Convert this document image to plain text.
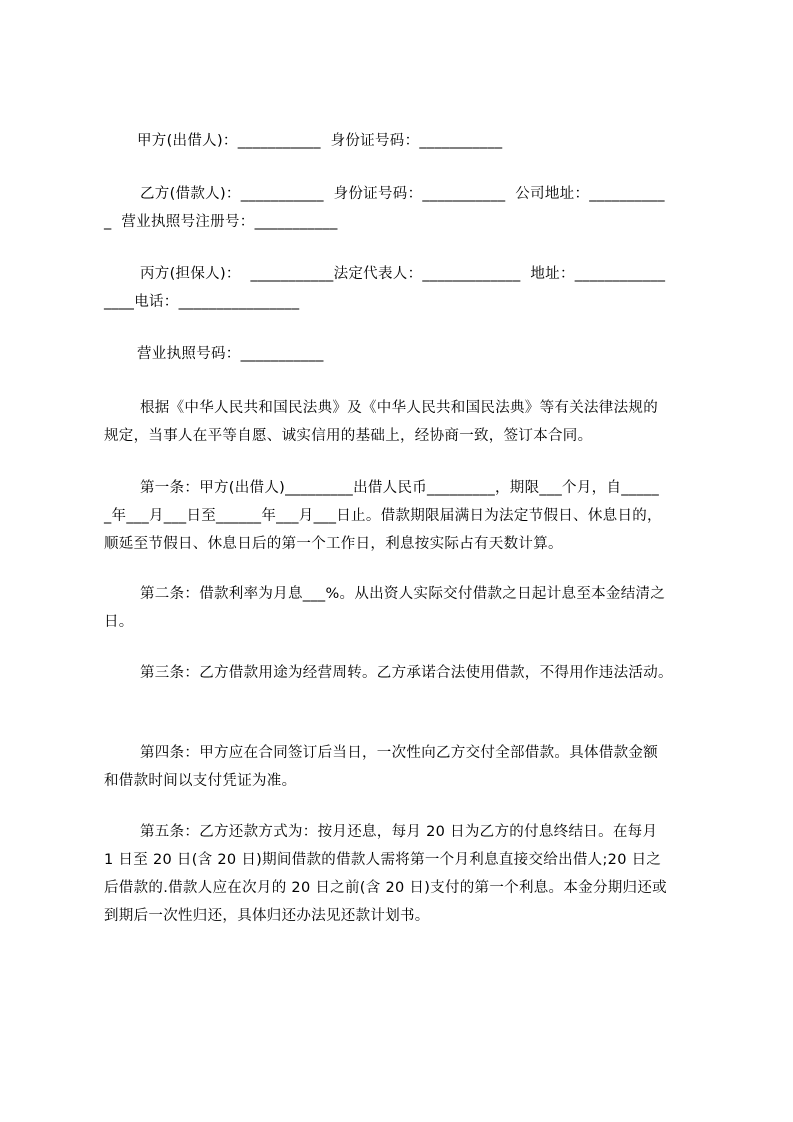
甲方(出借人)：___________  身份证号码：___________
乙方(借款人)：___________  身份证号码：___________  公司地址：__________
_  营业执照号注册号：___________
丙方(担保人)：  ___________法定代表人：_____________  地址：____________
____电话：________________
营业执照号码：___________
根据《中华人民共和国民法典》及《中华人民共和国民法典》等有关法律法规的
规定，当事人在平等自愿、诚实信用的基础上，经协商一致，签订本合同。
第一条：甲方(出借人)_________出借人民币_________，期限___个月，自_____
_年___月___日至______年___月___日止。借款期限届满日为法定节假日、休息日的，
顺延至节假日、休息日后的第一个工作日，利息按实际占有天数计算。
第二条：借款利率为月息___%。从出资人实际交付借款之日起计息至本金结清之
日。
第三条：乙方借款用途为经营周转。乙方承诺合法使用借款，不得用作违法活动。
第四条：甲方应在合同签订后当日，一次性向乙方交付全部借款。具体借款金额
和借款时间以支付凭证为准。
第五条：乙方还款方式为：按月还息，每月 20 日为乙方的付息终结日。在每月
1 日至 20 日(含 20 日)期间借款的借款人需将第一个月利息直接交给出借人;20 日之
后借款的.借款人应在次月的 20 日之前(含 20 日)支付的第一个利息。本金分期归还或
到期后一次性归还，具体归还办法见还款计划书。
